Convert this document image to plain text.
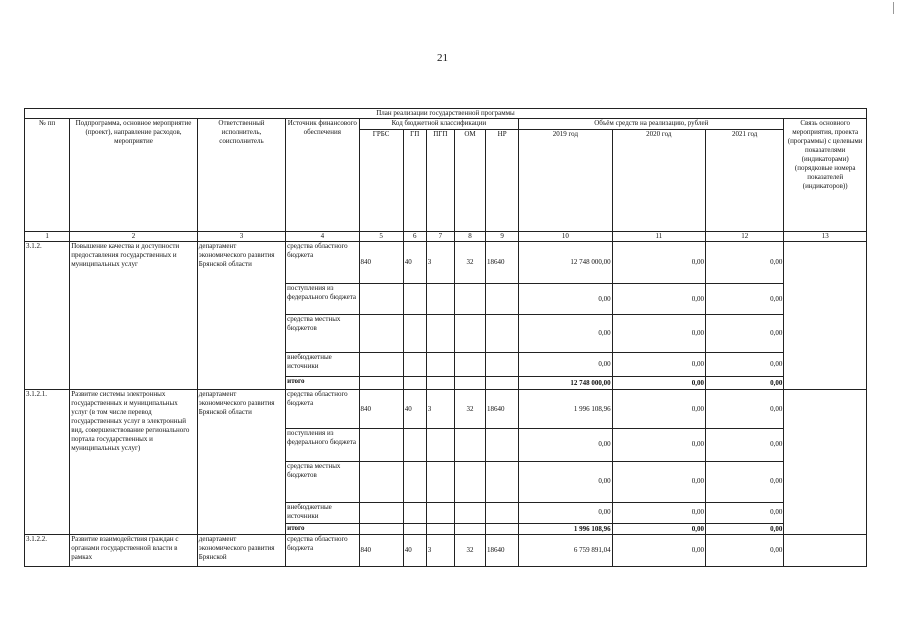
21
План реализации государственной программы												
№ пп	Подпрограмма, основное мероприятие (проект), направление расходов, мероприятие	Ответственный исполнитель, соисполнитель	Источник финансового обеспечения	Код бюджетной классификации					Объём средств на реализацию, рублей			Связь основного мероприятия, проекта (программы) с целевыми показателями (индикаторами) (порядковые номера показателей (индикаторов))
				ГРБС	ГП	ПГП	ОМ	НР	2019 год	2020 год	2021 год	
1	2	3	4	5	6	7	8	9	10	11	12	13
3.1.2.	Повышение качества и доступности предоставления государственных и муниципальных услуг	департамент экономического развития Брянской области	средства областного бюджета	840	40	3	32	18640	12 748 000,00	0,00	0,00	
			поступления из федерального бюджета						0,00	0,00	0,00	
			средства местных бюджетов						0,00	0,00	0,00	
			внебюджетные источники						0,00	0,00	0,00	
			итого						12 748 000,00	0,00	0,00	
3.1.2.1.	Развитие системы электронных государственных и муниципальных услуг (в том числе перевод государственных услуг в электронный вид, совершенствование регионального портала государственных и муниципальных услуг)	департамент экономического развития Брянской области	средства областного бюджета	840	40	3	32	18640	1 996 108,96	0,00	0,00	
			поступления из федерального бюджета						0,00	0,00	0,00	
			средства местных бюджетов						0,00	0,00	0,00	
			внебюджетные источники						0,00	0,00	0,00	
			итого						1 996 108,96	0,00	0,00	
3.1.2.2.	Развитие взаимодействия граждан с органами государственной власти в рамках	департамент экономического развития Брянской	средства областного бюджета	840	40	3	32	18640	6 759 891,04	0,00	0,00	
